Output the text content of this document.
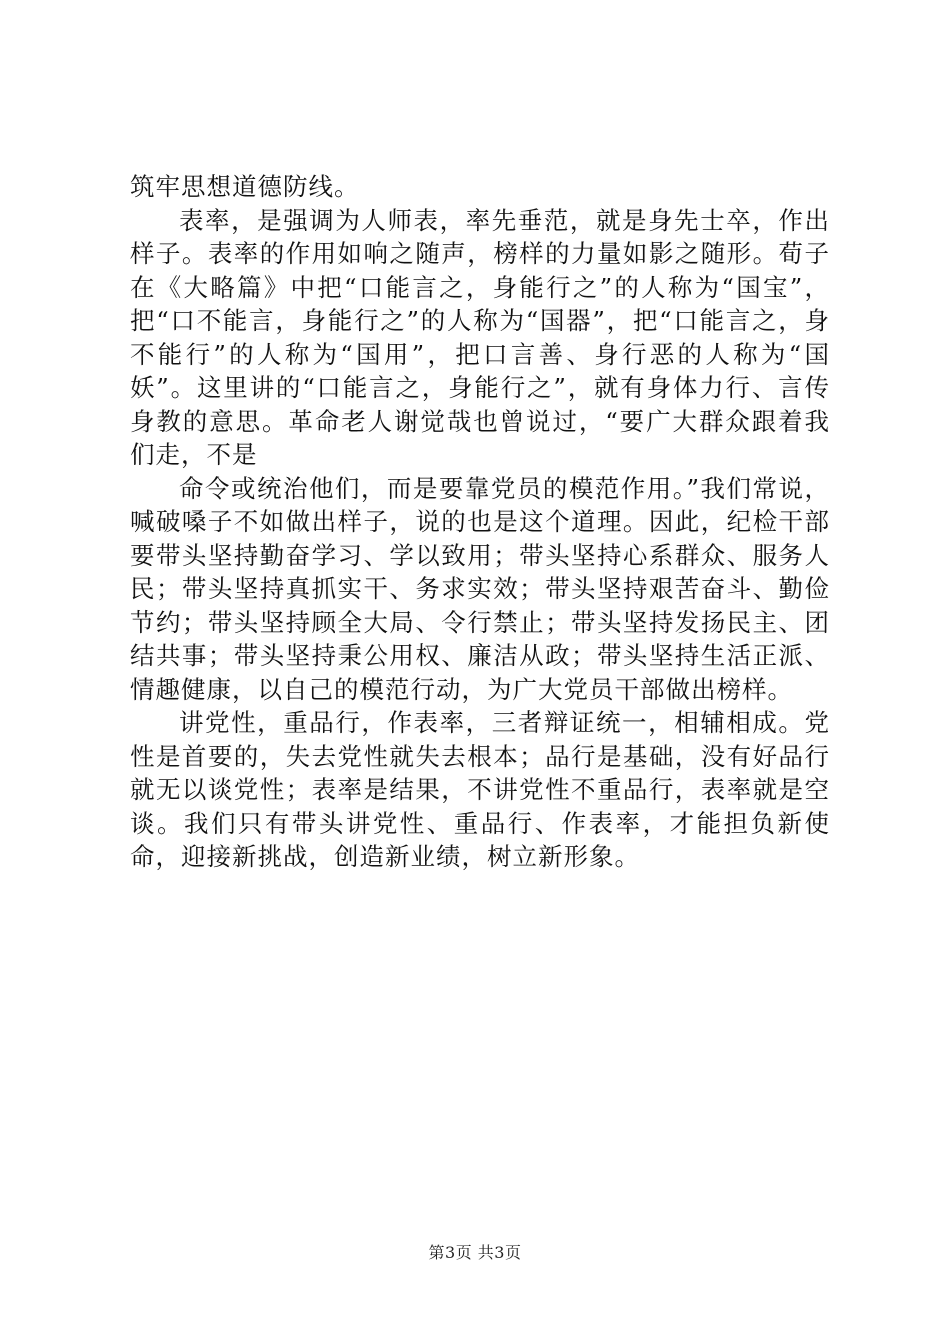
筑牢思想道德防线。

表率，是强调为人师表，率先垂范，就是身先士卒，作出样子。表率的作用如响之随声，榜样的力量如影之随形。荀子在《大略篇》中把“口能言之，身能行之”的人称为“国宝”，把“口不能言，身能行之”的人称为“国器”，把“口能言之，身不能行”的人称为“国用”，把口言善、身行恶的人称为“国妖”。这里讲的“口能言之，身能行之”，就有身体力行、言传身教的意思。革命老人谢觉哉也曾说过，“要广大群众跟着我们走，不是

命令或统治他们，而是要靠党员的模范作用。”我们常说，喊破嗓子不如做出样子，说的也是这个道理。因此，纪检干部要带头坚持勤奋学习、学以致用；带头坚持心系群众、服务人民；带头坚持真抓实干、务求实效；带头坚持艰苦奋斗、勤俭节约；带头坚持顾全大局、令行禁止；带头坚持发扬民主、团结共事；带头坚持秉公用权、廉洁从政；带头坚持生活正派、情趣健康，以自己的模范行动，为广大党员干部做出榜样。

讲党性，重品行，作表率，三者辩证统一，相辅相成。党性是首要的，失去党性就失去根本；品行是基础，没有好品行就无以谈党性；表率是结果，不讲党性不重品行，表率就是空谈。我们只有带头讲党性、重品行、作表率，才能担负新使命，迎接新挑战，创造新业绩，树立新形象。

第3页 共3页
